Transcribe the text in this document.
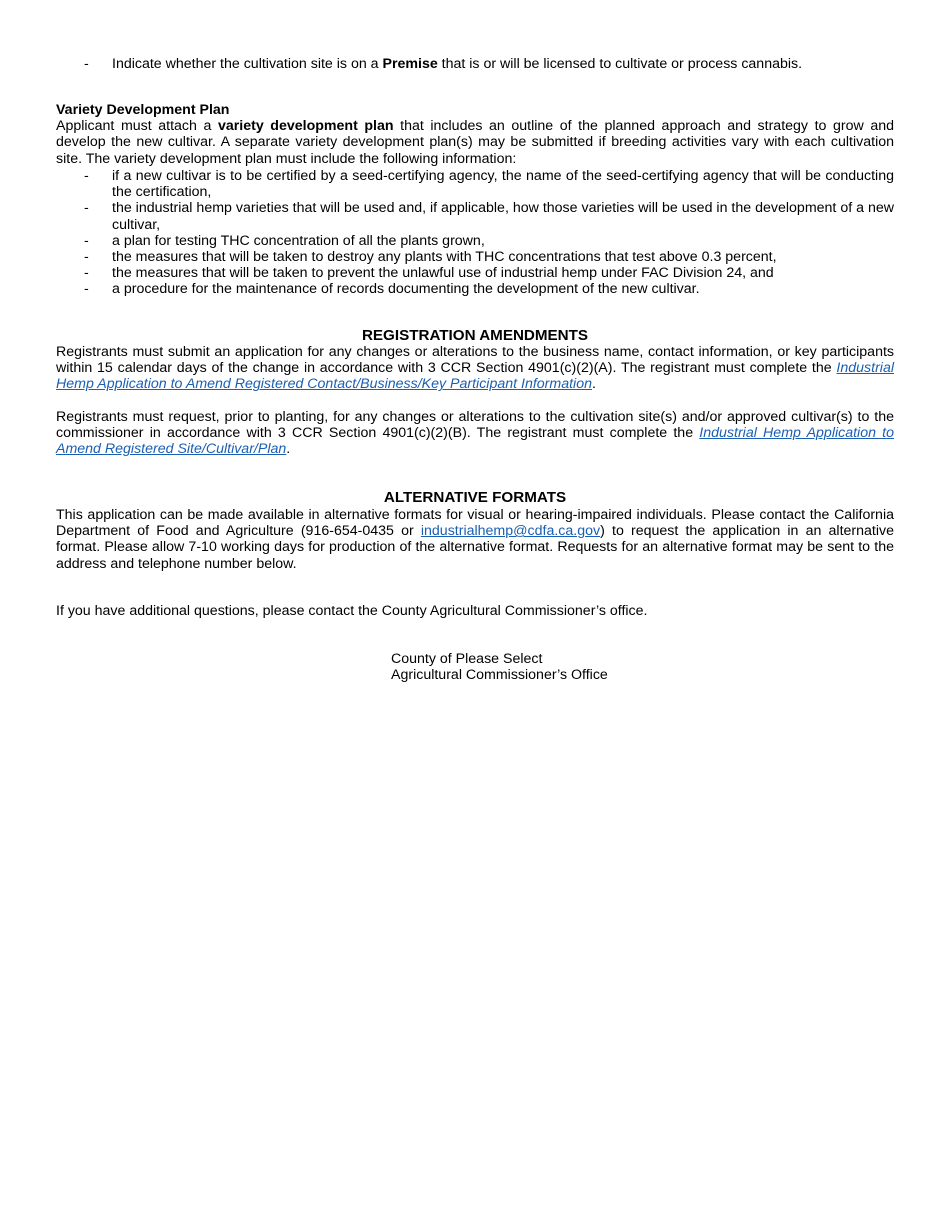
- Indicate whether the cultivation site is on a Premise that is or will be licensed to cultivate or process cannabis.
Variety Development Plan

Applicant must attach a variety development plan that includes an outline of the planned approach and strategy to grow and develop the new cultivar. A separate variety development plan(s) may be submitted if breeding activities vary with each cultivation site. The variety development plan must include the following information:

- if a new cultivar is to be certified by a seed-certifying agency, the name of the seed-certifying agency that will be conducting the certification,
- the industrial hemp varieties that will be used and, if applicable, how those varieties will be used in the development of a new cultivar,
- a plan for testing THC concentration of all the plants grown,
- the measures that will be taken to destroy any plants with THC concentrations that test above 0.3 percent,
- the measures that will be taken to prevent the unlawful use of industrial hemp under FAC Division 24, and
- a procedure for the maintenance of records documenting the development of the new cultivar.
REGISTRATION AMENDMENTS

Registrants must submit an application for any changes or alterations to the business name, contact information, or key participants within 15 calendar days of the change in accordance with 3 CCR Section 4901(c)(2)(A). The registrant must complete the Industrial Hemp Application to Amend Registered Contact/Business/Key Participant Information.

Registrants must request, prior to planting, for any changes or alterations to the cultivation site(s) and/or approved cultivar(s) to the commissioner in accordance with 3 CCR Section 4901(c)(2)(B). The registrant must complete the Industrial Hemp Application to Amend Registered Site/Cultivar/Plan.

ALTERNATIVE FORMATS

This application can be made available in alternative formats for visual or hearing-impaired individuals. Please contact the California Department of Food and Agriculture (916-654-0435 or industrialhemp@cdfa.ca.gov) to request the application in an alternative format. Please allow 7-10 working days for production of the alternative format. Requests for an alternative format may be sent to the address and telephone number below.

If you have additional questions, please contact the County Agricultural Commissioner’s office.

County of Please Select
Agricultural Commissioner’s Office
